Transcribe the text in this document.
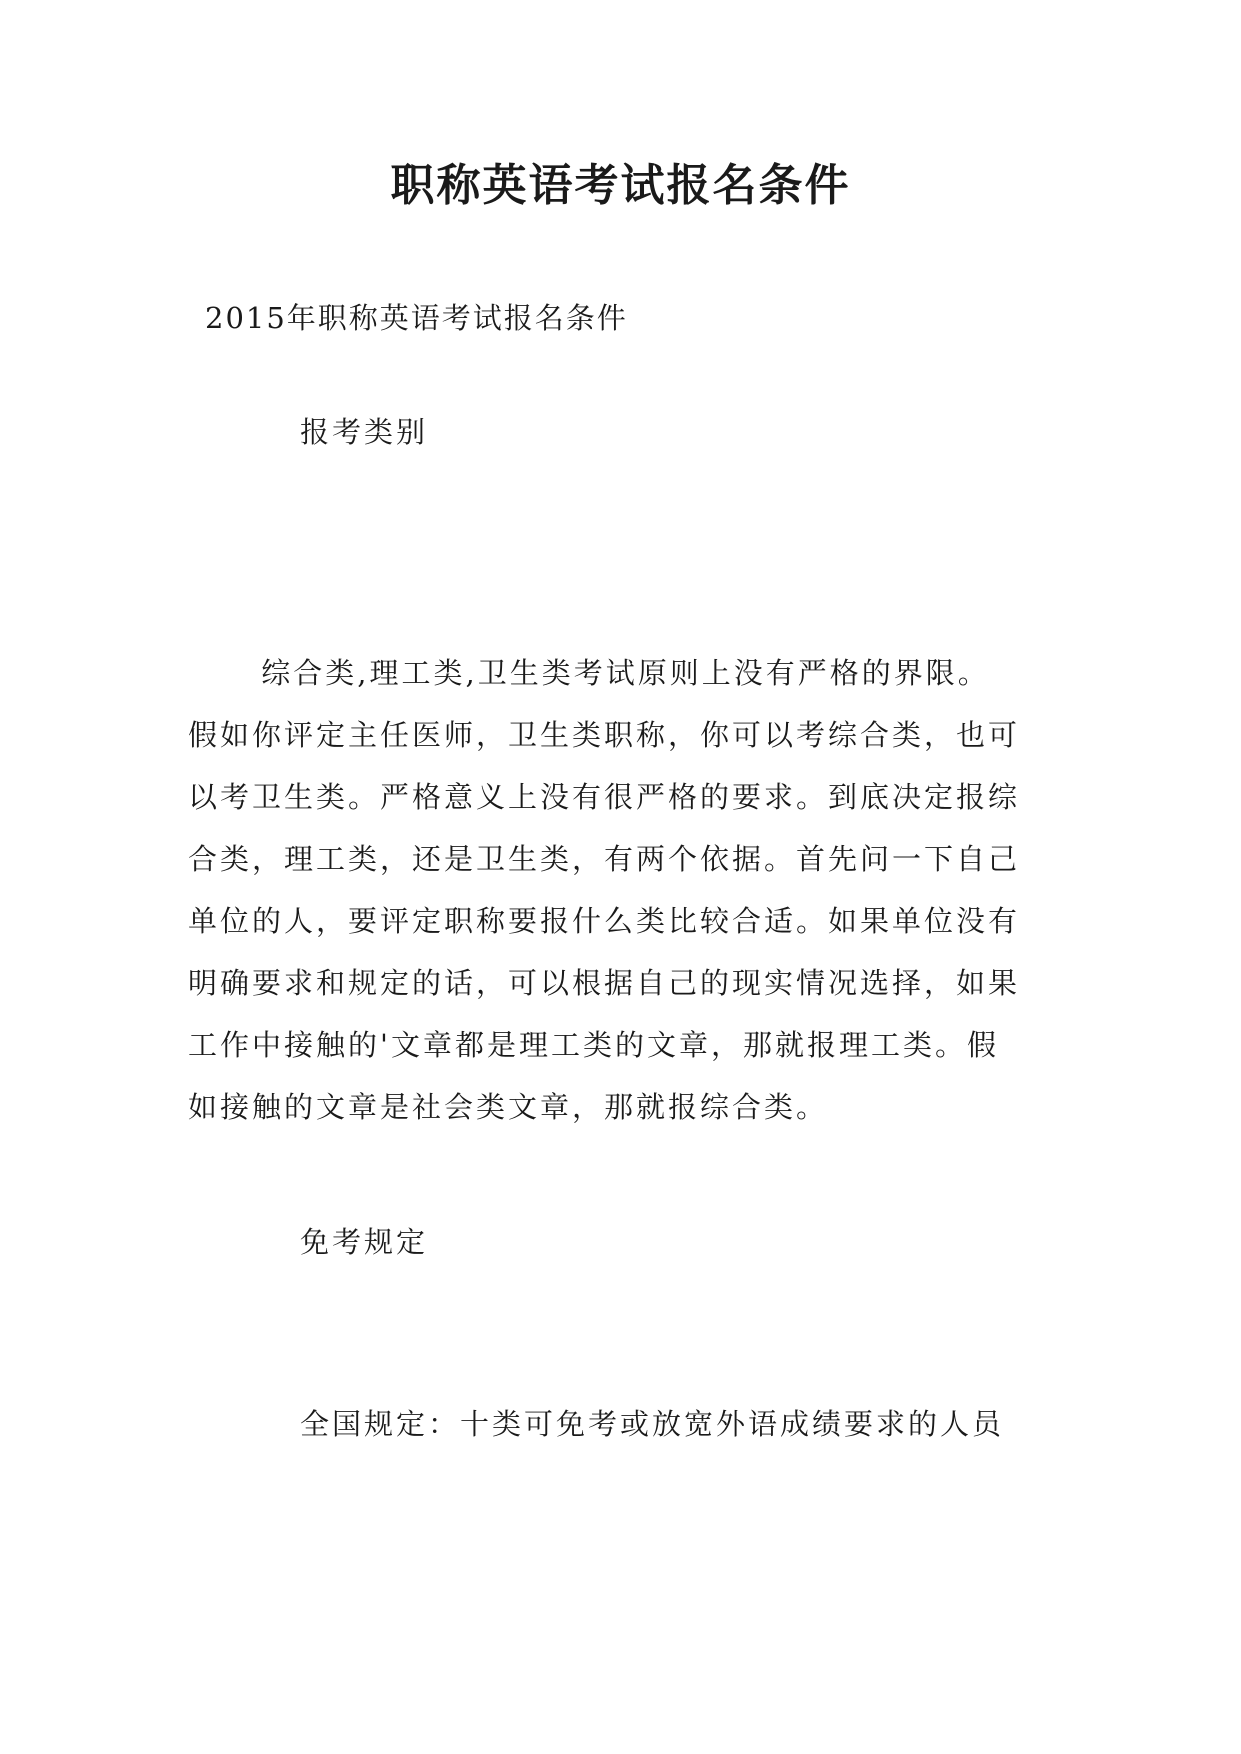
职称英语考试报名条件
2015年职称英语考试报名条件
报考类别
综合类,理工类,卫生类考试原则上没有严格的界限。
假如你评定主任医师，卫生类职称，你可以考综合类，也可
以考卫生类。严格意义上没有很严格的要求。到底决定报综
合类，理工类，还是卫生类，有两个依据。首先问一下自己
单位的人，要评定职称要报什么类比较合适。如果单位没有
明确要求和规定的话，可以根据自己的现实情况选择，如果
工作中接触的'文章都是理工类的文章，那就报理工类。假
如接触的文章是社会类文章，那就报综合类。
免考规定
全国规定：十类可免考或放宽外语成绩要求的人员
